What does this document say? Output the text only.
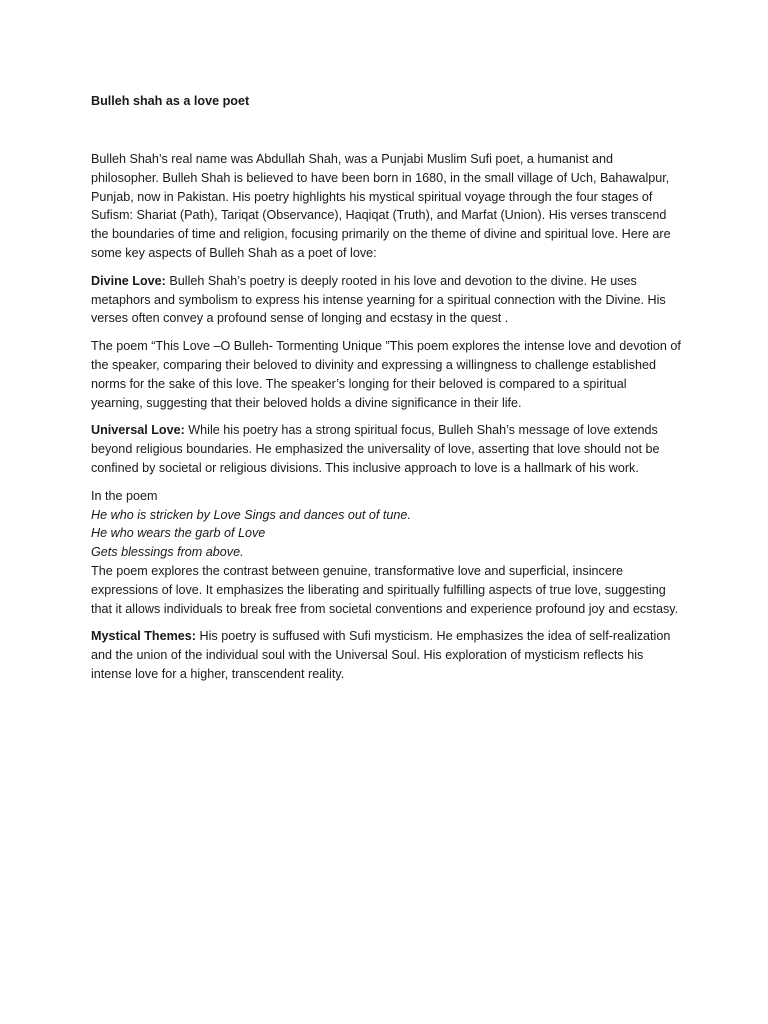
Bulleh shah as a love poet

Bulleh Shah’s real name was Abdullah Shah, was a Punjabi Muslim Sufi poet, a humanist and philosopher. Bulleh Shah is believed to have been born in 1680, in the small village of Uch, Bahawalpur, Punjab, now in Pakistan. His poetry highlights his mystical spiritual voyage through the four stages of Sufism: Shariat (Path), Tariqat (Observance), Haqiqat (Truth), and Marfat (Union). His verses transcend the boundaries of time and religion, focusing primarily on the theme of divine and spiritual love. Here are some key aspects of Bulleh Shah as a poet of love:

Divine Love: Bulleh Shah’s poetry is deeply rooted in his love and devotion to the divine. He uses metaphors and symbolism to express his intense yearning for a spiritual connection with the Divine. His verses often convey a profound sense of longing and ecstasy in the quest .

The poem “This Love –O Bulleh- Tormenting Unique ”This poem explores the intense love and devotion of the speaker, comparing their beloved to divinity and expressing a willingness to challenge established norms for the sake of this love. The speaker’s longing for their beloved is compared to a spiritual yearning, suggesting that their beloved holds a divine significance in their life.

Universal Love: While his poetry has a strong spiritual focus, Bulleh Shah’s message of love extends beyond religious boundaries. He emphasized the universality of love, asserting that love should not be confined by societal or religious divisions. This inclusive approach to love is a hallmark of his work.

In the poem
He who is stricken by Love Sings and dances out of tune.
He who wears the garb of Love
Gets blessings from above.
The poem explores the contrast between genuine, transformative love and superficial, insincere expressions of love. It emphasizes the liberating and spiritually fulfilling aspects of true love, suggesting that it allows individuals to break free from societal conventions and experience profound joy and ecstasy.

Mystical Themes: His poetry is suffused with Sufi mysticism. He emphasizes the idea of self-realization and the union of the individual soul with the Universal Soul. His exploration of mysticism reflects his intense love for a higher, transcendent reality.
